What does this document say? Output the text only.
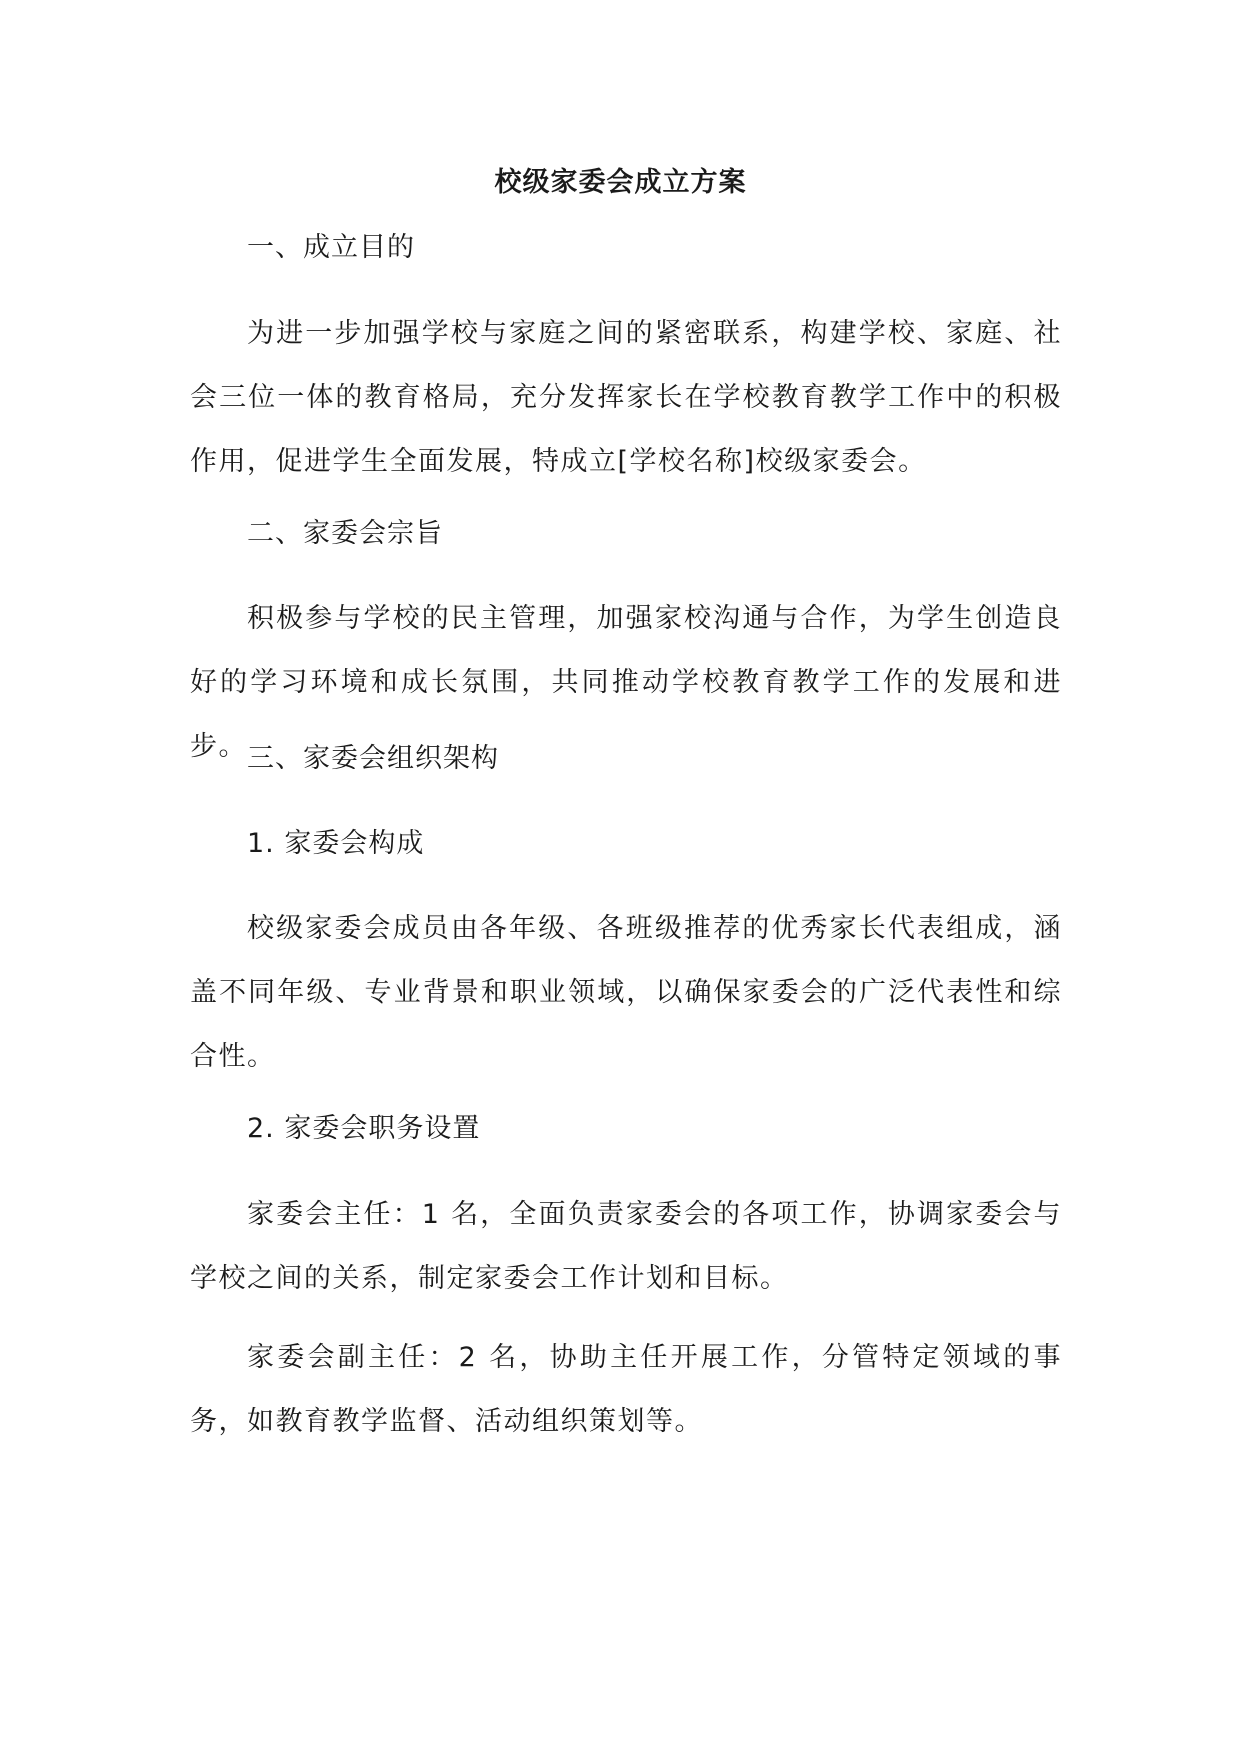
校级家委会成立方案

一、成立目的

为进一步加强学校与家庭之间的紧密联系，构建学校、家庭、社会三位一体的教育格局，充分发挥家长在学校教育教学工作中的积极作用，促进学生全面发展，特成立[学校名称]校级家委会。

二、家委会宗旨

积极参与学校的民主管理，加强家校沟通与合作，为学生创造良好的学习环境和成长氛围，共同推动学校教育教学工作的发展和进步。 三、家委会组织架构

1. 家委会构成

校级家委会成员由各年级、各班级推荐的优秀家长代表组成，涵盖不同年级、专业背景和职业领域，以确保家委会的广泛代表性和综合性。

2. 家委会职务设置

家委会主任：1 名，全面负责家委会的各项工作，协调家委会与学校之间的关系，制定家委会工作计划和目标。

家委会副主任：2 名，协助主任开展工作，分管特定领域的事务，如教育教学监督、活动组织策划等。
